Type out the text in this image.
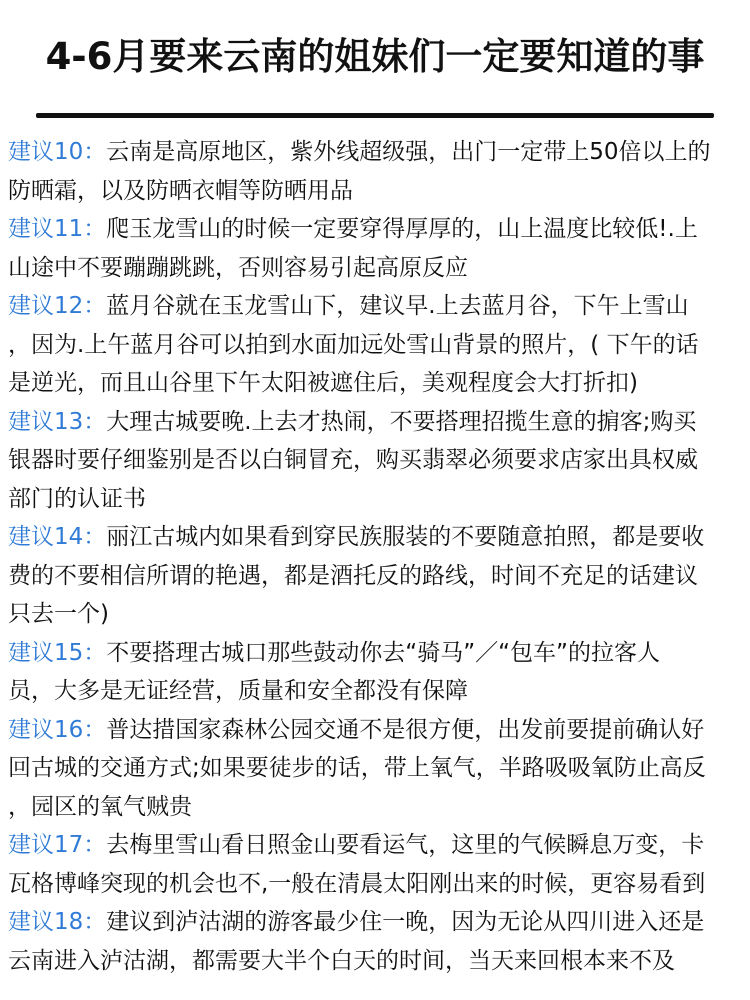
4-6月要来云南的姐妹们一定要知道的事
建议10：云南是高原地区，紫外线超级强，出门一定带上50倍以上的
防晒霜，以及防晒衣帽等防晒用品
建议11：爬玉龙雪山的时候一定要穿得厚厚的，山上温度比较低!.上
山途中不要蹦蹦跳跳，否则容易引起高原反应
建议12：蓝月谷就在玉龙雪山下，建议早.上去蓝月谷，下午上雪山
，因为.上午蓝月谷可以拍到水面加远处雪山背景的照片，( 下午的话
是逆光，而且山谷里下午太阳被遮住后，美观程度会大打折扣)
建议13：大理古城要晚.上去才热闹，不要搭理招揽生意的掮客;购买
银器时要仔细鉴别是否以白铜冒充，购买翡翠必须要求店家出具权威
部门的认证书
建议14：丽江古城内如果看到穿民族服装的不要随意拍照，都是要收
费的不要相信所谓的艳遇，都是酒托反的路线，时间不充足的话建议
只去一个)
建议15：不要搭理古城口那些鼓动你去“骑马”／“包车”的拉客人
员，大多是无证经营，质量和安全都没有保障
建议16：普达措国家森林公园交通不是很方便，出发前要提前确认好
回古城的交通方式;如果要徒步的话，带上氧气，半路吸吸氧防止高反
，园区的氧气贼贵
建议17：去梅里雪山看日照金山要看运气，这里的气候瞬息万变，卡
瓦格博峰突现的机会也不,一般在清晨太阳刚出来的时候，更容易看到
建议18：建议到泸沽湖的游客最少住一晚，因为无论从四川进入还是
云南进入泸沽湖，都需要大半个白天的时间，当天来回根本来不及
